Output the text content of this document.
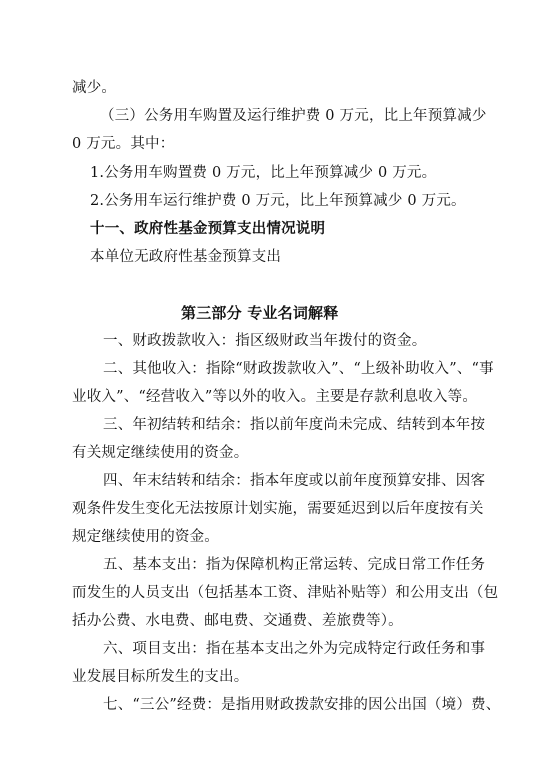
减少。
（三）公务用车购置及运行维护费 0 万元，比上年预算减少
0 万元。其中：
1.公务用车购置费 0 万元，比上年预算减少 0 万元。
2.公务用车运行维护费 0 万元，比上年预算减少 0 万元。
十一、政府性基金预算支出情况说明
本单位无政府性基金预算支出
第三部分 专业名词解释
一、财政拨款收入：指区级财政当年拨付的资金。
二、其他收入：指除“财政拨款收入”、“上级补助收入”、“事
业收入”、“经营收入”等以外的收入。主要是存款利息收入等。
三、年初结转和结余：指以前年度尚未完成、结转到本年按
有关规定继续使用的资金。
四、年末结转和结余：指本年度或以前年度预算安排、因客
观条件发生变化无法按原计划实施，需要延迟到以后年度按有关
规定继续使用的资金。
五、基本支出：指为保障机构正常运转、完成日常工作任务
而发生的人员支出（包括基本工资、津贴补贴等）和公用支出（包
括办公费、水电费、邮电费、交通费、差旅费等）。
六、项目支出：指在基本支出之外为完成特定行政任务和事
业发展目标所发生的支出。
七、“三公”经费：是指用财政拨款安排的因公出国（境）费、
